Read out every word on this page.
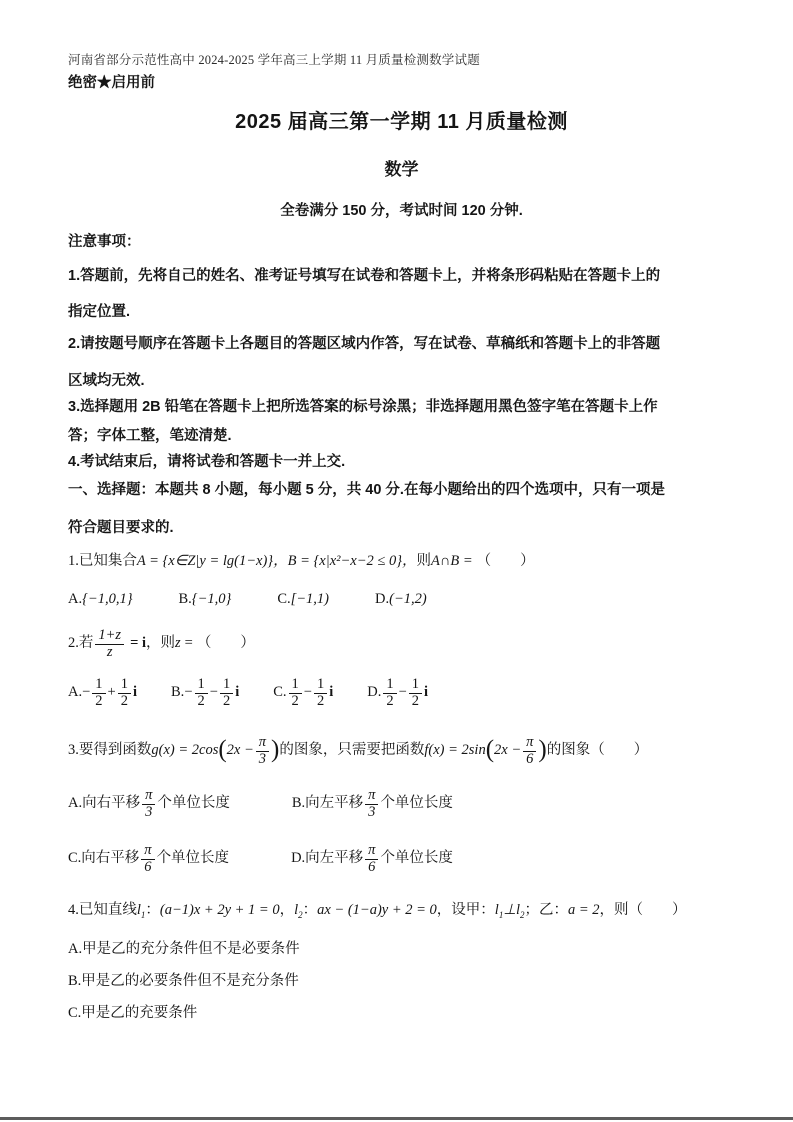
河南省部分示范性高中 2024-2025 学年高三上学期 11 月质量检测数学试题
绝密★启用前
2025 届高三第一学期 11 月质量检测
数学
全卷满分 150 分，考试时间 120 分钟.
注意事项：
1.答题前，先将自己的姓名、准考证号填写在试卷和答题卡上，并将条形码粘贴在答题卡上的
指定位置.
2.请按题号顺序在答题卡上各题目的答题区域内作答，写在试卷、草稿纸和答题卡上的非答题
区域均无效.
3.选择题用 2B 铅笔在答题卡上把所选答案的标号涂黑；非选择题用黑色签字笔在答题卡上作
答；字体工整，笔迹清楚.
4.考试结束后，请将试卷和答题卡一并上交.
一、选择题：本题共 8 小题，每小题 5 分，共 40 分.在每小题给出的四个选项中，只有一项是
符合题目要求的.
1.已知集合A = {x∈Z|y = lg(1−x)}，B = {x|x²−x−2 ≤ 0}，则A∩B = （　　）
A.{−1,0,1}	B.{−1,0}	C.[−1,1)	D.(−1,2)
2.若 $\frac{1+z}{z} = i$，则z = （　　）
$A.- \frac{1}{2} + \frac{1}{2}$ i $B.- \frac{1}{2} - \frac{1}{2}$ i C. $\frac{1}{2} - \frac{1}{2}$ i D. $\frac{1}{2} - \frac{1}{2}$ i
3.要得到函数$g(x) = 2\cos(2x - \frac{\pi}{3}$ )的图象，只需要把函数$f(x) = 2\sin(2x - \frac{\pi}{6}$ )的图象（　　）
A.向右平移 $\frac{\pi}{3}$ 个单位长度	B.向左平移 $\frac{\pi}{3}$ 个单位长度
C.向右平移 $\frac{\pi}{6}$ 个单位长度	D.向左平移 $\frac{\pi}{6}$ 个单位长度
4.已知直线$l_1$：(a−1)x + 2y + 1 = 0，$l_2$：ax − (1−a)y + 2 = 0，设甲：$l_1\perp l_2$；乙：a = 2，则（　　）
A.甲是乙的充分条件但不是必要条件
B.甲是乙的必要条件但不是充分条件
C.甲是乙的充要条件
